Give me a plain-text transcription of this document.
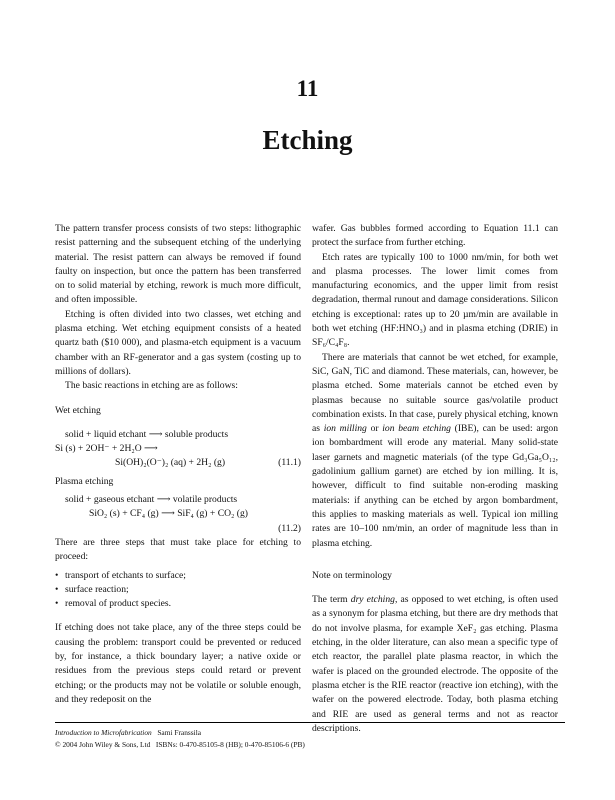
11
Etching

The pattern transfer process consists of two steps: lithographic resist patterning and the subsequent etching of the underlying material. The resist pattern can always be removed if found faulty on inspection, but once the pattern has been transferred on to solid material by etching, rework is much more difficult, and often impossible.

Etching is often divided into two classes, wet etching and plasma etching. Wet etching equipment consists of a heated quartz bath ($10 000), and plasma-etch equipment is a vacuum chamber with an RF-generator and a gas system (costing up to millions of dollars).

The basic reactions in etching are as follows:

Wet etching
solid + liquid etchant ⟶ soluble products
Si (s) + 2OH⁻ + 2H₂O ⟶
Si(OH)₂(O⁻)₂ (aq) + 2H₂ (g)	(11.1)
Plasma etching
solid + gaseous etchant ⟶ volatile products
SiO₂ (s) + CF₄ (g) ⟶ SiF₄ (g) + CO₂ (g)
(11.2)

There are three steps that must take place for etching to proceed:

• transport of etchants to surface;
• surface reaction;
• removal of product species.

If etching does not take place, any of the three steps could be causing the problem: transport could be prevented or reduced by, for instance, a thick boundary layer; a native oxide or residues from the previous steps could retard or prevent etching; or the products may not be volatile or soluble enough, and they redeposit on the

wafer. Gas bubbles formed according to Equation 11.1 can protect the surface from further etching.

Etch rates are typically 100 to 1000 nm/min, for both wet and plasma processes. The lower limit comes from manufacturing economics, and the upper limit from resist degradation, thermal runout and damage considerations. Silicon etching is exceptional: rates up to 20 µm/min are available in both wet etching (HF:HNO₃) and in plasma etching (DRIE) in SF₆/C₄F₈.

There are materials that cannot be wet etched, for example, SiC, GaN, TiC and diamond. These materials, can, however, be plasma etched. Some materials cannot be etched even by plasmas because no suitable source gas/volatile product combination exists. In that case, purely physical etching, known as ion milling or ion beam etching (IBE), can be used: argon ion bombardment will erode any material. Many solid-state laser garnets and magnetic materials (of the type Gd₃Ga₅O₁₂, gadolinium gallium garnet) are etched by ion milling. It is, however, difficult to find suitable non-eroding masking materials: if anything can be etched by argon bombardment, this applies to masking materials as well. Typical ion milling rates are 10–100 nm/min, an order of magnitude less than in plasma etching.

Note on terminology

The term dry etching, as opposed to wet etching, is often used as a synonym for plasma etching, but there are dry methods that do not involve plasma, for example XeF₂ gas etching. Plasma etching, in the older literature, can also mean a specific type of etch reactor, the parallel plate plasma reactor, in which the wafer is placed on the grounded electrode. The opposite of the plasma etcher is the RIE reactor (reactive ion etching), with the wafer on the powered electrode. Today, both plasma etching and RIE are used as general terms and not as reactor descriptions.

Introduction to Microfabrication Sami Franssila
© 2004 John Wiley & Sons, Ltd ISBNs: 0-470-85105-8 (HB); 0-470-85106-6 (PB)
